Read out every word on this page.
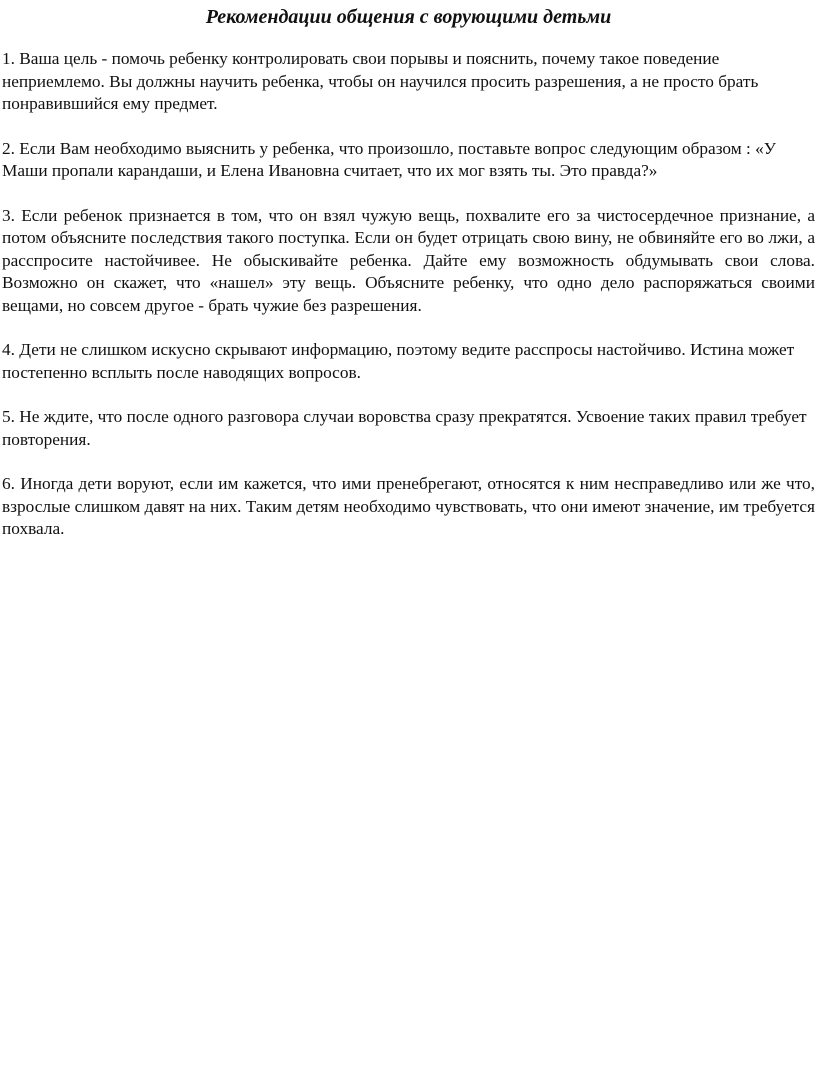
Рекомендации общения с ворующими детьми

1. Ваша цель - помочь ребенку контролировать свои порывы и пояснить, почему такое поведение неприемлемо. Вы должны научить ребенка, чтобы он научился просить разрешения, а не просто брать понравившийся ему предмет.

2. Если Вам необходимо выяснить у ребенка, что произошло, поставьте вопрос следующим образом : «У Маши пропали карандаши, и Елена Ивановна считает, что их мог взять ты. Это правда?»

3. Если ребенок признается в том, что он взял чужую вещь, похвалите его за чистосердечное признание, а потом объясните последствия такого поступка. Если он будет отрицать свою вину, не обвиняйте его во лжи, а расспросите настойчивее. Не обыскивайте ребенка. Дайте ему возможность обдумывать свои слова. Возможно он скажет, что «нашел» эту вещь. Объясните ребенку, что одно дело распоряжаться своими вещами, но совсем другое - брать чужие без разрешения.

4. Дети не слишком искусно скрывают информацию, поэтому ведите расспросы настойчиво. Истина может постепенно всплыть после наводящих вопросов.

5. Не ждите, что после одного разговора случаи воровства сразу прекратятся. Усвоение таких правил требует повторения.

6. Иногда дети воруют, если им кажется, что ими пренебрегают, относятся к ним несправедливо или же что, взрослые слишком давят на них. Таким детям необходимо чувствовать, что они имеют значение, им требуется похвала.
